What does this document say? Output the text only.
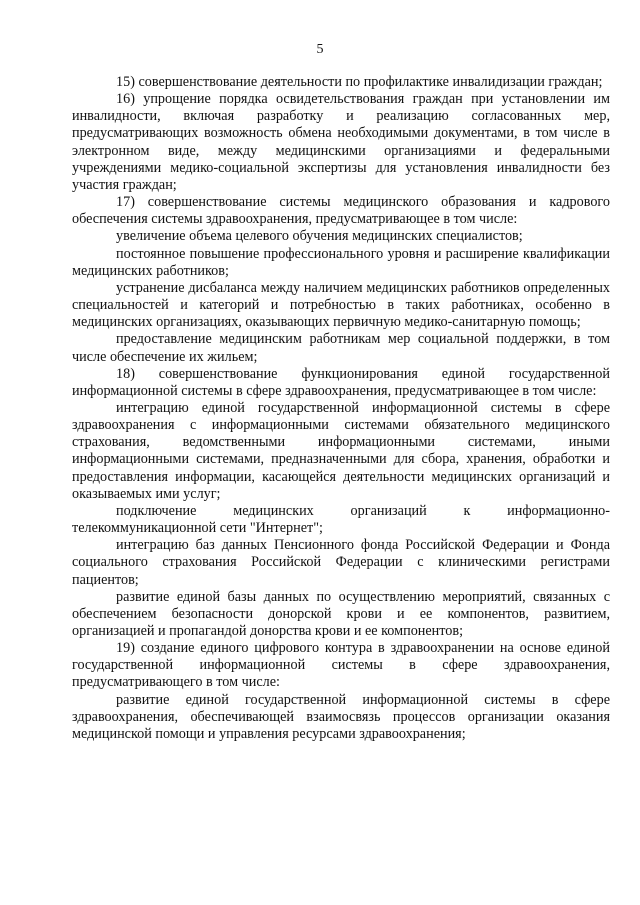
5

15) совершенствование деятельности по профилактике инвалидизации граждан;

16) упрощение порядка освидетельствования граждан при установлении им инвалидности, включая разработку и реализацию согласованных мер, предусматривающих возможность обмена необходимыми документами, в том числе в электронном виде, между медицинскими организациями и федеральными учреждениями медико-социальной экспертизы для установления инвалидности без участия граждан;

17) совершенствование системы медицинского образования и кадрового обеспечения системы здравоохранения, предусматривающее в том числе:

увеличение объема целевого обучения медицинских специалистов;

постоянное повышение профессионального уровня и расширение квалификации медицинских работников;

устранение дисбаланса между наличием медицинских работников определенных специальностей и категорий и потребностью в таких работниках, особенно в медицинских организациях, оказывающих первичную медико-санитарную помощь;

предоставление медицинским работникам мер социальной поддержки, в том числе обеспечение их жильем;

18) совершенствование функционирования единой государственной информационной системы в сфере здравоохранения, предусматривающее в том числе:

интеграцию единой государственной информационной системы в сфере здравоохранения с информационными системами обязательного медицинского страхования, ведомственными информационными системами, иными информационными системами, предназначенными для сбора, хранения, обработки и предоставления информации, касающейся деятельности медицинских организаций и оказываемых ими услуг;

подключение медицинских организаций к информационно-телекоммуникационной сети "Интернет";

интеграцию баз данных Пенсионного фонда Российской Федерации и Фонда социального страхования Российской Федерации с клиническими регистрами пациентов;

развитие единой базы данных по осуществлению мероприятий, связанных с обеспечением безопасности донорской крови и ее компонентов, развитием, организацией и пропагандой донорства крови и ее компонентов;

19) создание единого цифрового контура в здравоохранении на основе единой государственной информационной системы в сфере здравоохранения, предусматривающего в том числе:

развитие единой государственной информационной системы в сфере здравоохранения, обеспечивающей взаимосвязь процессов организации оказания медицинской помощи и управления ресурсами здравоохранения;
